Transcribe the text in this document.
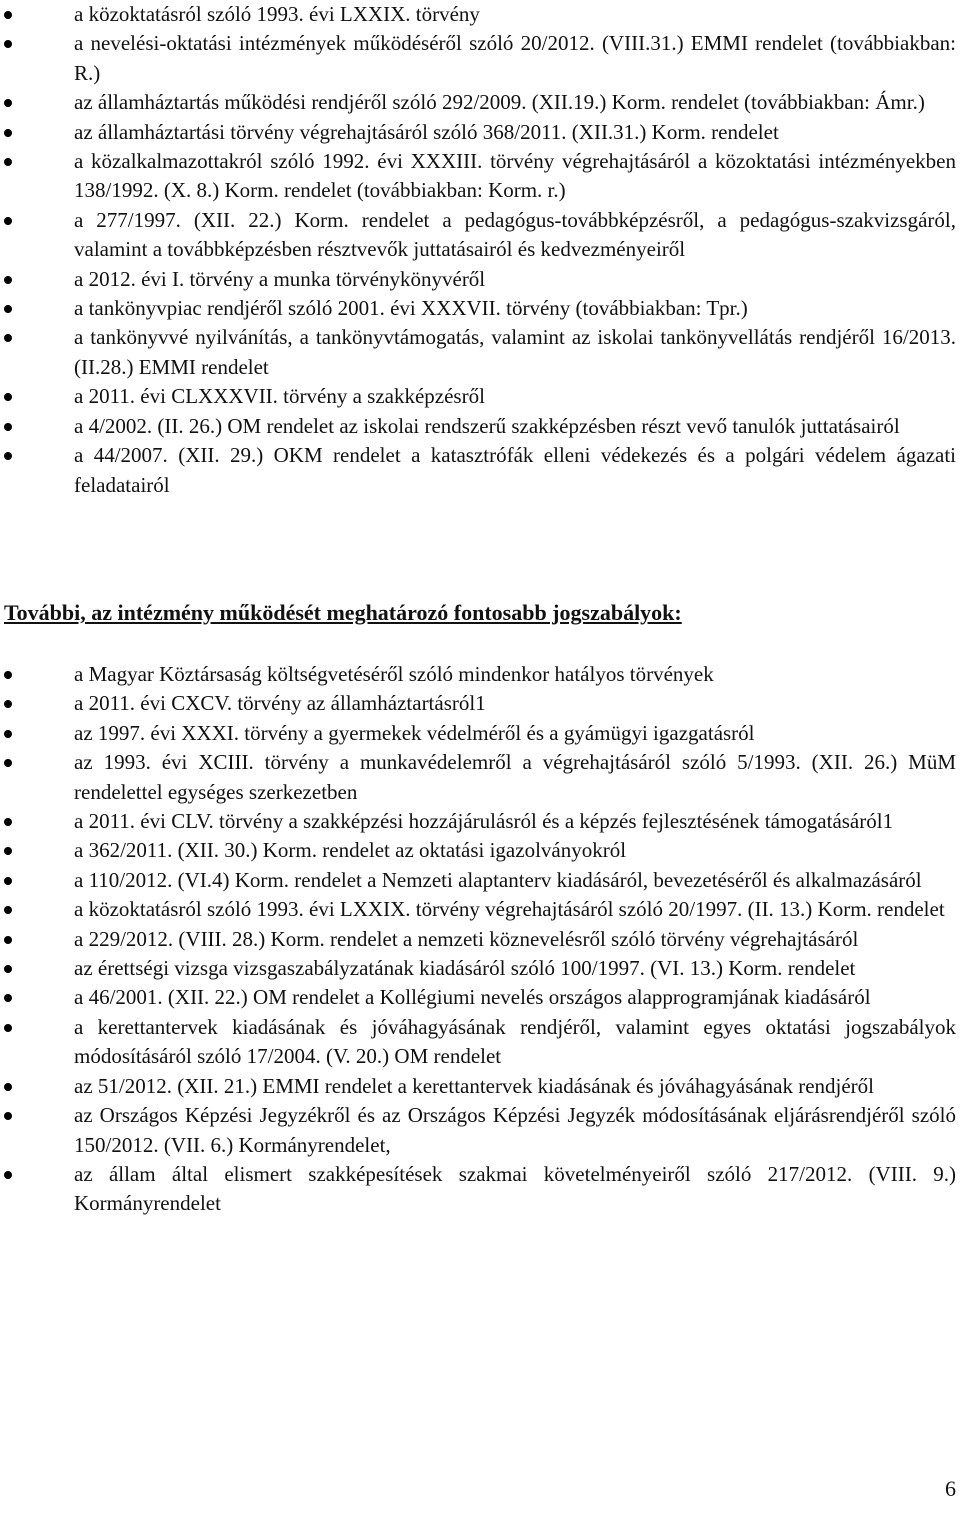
a közoktatásról szóló 1993. évi LXXIX. törvény
a nevelési-oktatási intézmények működéséről szóló 20/2012. (VIII.31.) EMMI rendelet (továbbiakban: R.)
az államháztartás működési rendjéről szóló 292/2009. (XII.19.) Korm. rendelet (továbbiakban: Ámr.)
az államháztartási törvény végrehajtásáról szóló 368/2011. (XII.31.) Korm. rendelet
a közalkalmazottakról szóló 1992. évi XXXIII. törvény végrehajtásáról a közoktatási intézményekben 138/1992. (X. 8.) Korm. rendelet (továbbiakban: Korm. r.)
a 277/1997. (XII. 22.) Korm. rendelet a pedagógus-továbbképzésről, a pedagógus-szakvizsgáról, valamint a továbbképzésben résztvevők juttatásairól és kedvezményeiről
a 2012. évi I. törvény a munka törvénykönyvéről
a tankönyvpiac rendjéről szóló 2001. évi XXXVII. törvény (továbbiakban: Tpr.)
a tankönyvvé nyilvánítás, a tankönyvtámogatás, valamint az iskolai tankönyvellátás rendjéről 16/2013. (II.28.) EMMI rendelet
a 2011. évi CLXXXVII. törvény a szakképzésről
a 4/2002. (II. 26.) OM rendelet az iskolai rendszerű szakképzésben részt vevő tanulók juttatásairól
a 44/2007. (XII. 29.) OKM rendelet a katasztrófák elleni védekezés és a polgári védelem ágazati feladatairól
További, az intézmény működését meghatározó fontosabb jogszabályok:
a Magyar Köztársaság költségvetéséről szóló mindenkor hatályos törvények
a 2011. évi CXCV. törvény az államháztartásról1
az 1997. évi XXXI. törvény a gyermekek védelméről és a gyámügyi igazgatásról
az 1993. évi XCIII. törvény a munkavédelemről a végrehajtásáról szóló 5/1993. (XII. 26.) MüM rendelettel egységes szerkezetben
a 2011. évi CLV. törvény a szakképzési hozzájárulásról és a képzés fejlesztésének támogatásáról1
a 362/2011. (XII. 30.) Korm. rendelet az oktatási igazolványokról
a 110/2012. (VI.4) Korm. rendelet a Nemzeti alaptanterv kiadásáról, bevezetéséről és alkalmazásáról
a közoktatásról szóló 1993. évi LXXIX. törvény végrehajtásáról szóló 20/1997. (II. 13.) Korm. rendelet
a 229/2012. (VIII. 28.) Korm. rendelet a nemzeti köznevelésről szóló törvény végrehajtásáról
az érettségi vizsga vizsgaszabályzatának kiadásáról szóló 100/1997. (VI. 13.) Korm. rendelet
a 46/2001. (XII. 22.) OM rendelet a Kollégiumi nevelés országos alapprogramjának kiadásáról
a kerettantervek kiadásának és jóváhagyásának rendjéről, valamint egyes oktatási jogszabályok módosításáról szóló 17/2004. (V. 20.) OM rendelet
az 51/2012. (XII. 21.) EMMI rendelet a kerettantervek kiadásának és jóváhagyásának rendjéről
az Országos Képzési Jegyzékről és az Országos Képzési Jegyzék módosításának eljárásrendjéről szóló 150/2012. (VII. 6.) Kormányrendelet,
az állam által elismert szakképesítések szakmai követelményeiről szóló 217/2012. (VIII. 9.) Kormányrendelet
6
